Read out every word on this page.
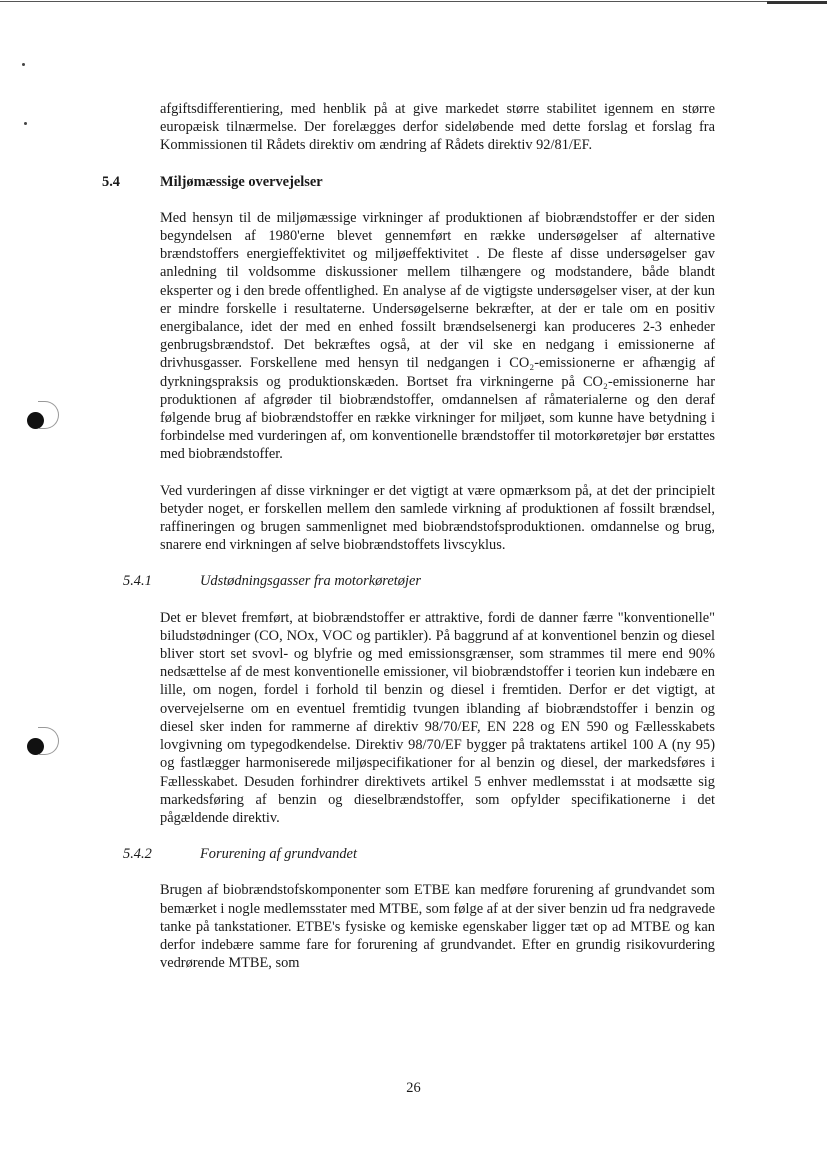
afgiftsdifferentiering, med henblik på at give markedet større stabilitet igennem en større europæisk tilnærmelse. Der forelægges derfor sideløbende med dette forslag et forslag fra Kommissionen til Rådets direktiv om ændring af Rådets direktiv 92/81/EF.

5.4	Miljømæssige overvejelser

Med hensyn til de miljømæssige virkninger af produktionen af biobrændstoffer er der siden begyndelsen af 1980'erne blevet gennemført en række undersøgelser af alternative brændstoffers energieffektivitet og miljøeffektivitet . De fleste af disse undersøgelser gav anledning til voldsomme diskussioner mellem tilhængere og modstandere, både blandt eksperter og i den brede offentlighed. En analyse af de vigtigste undersøgelser viser, at der kun er mindre forskelle i resultaterne. Undersøgelserne bekræfter, at der er tale om en positiv energibalance, idet der med en enhed fossilt brændselsenergi kan produceres 2-3 enheder genbrugsbrændstof. Det bekræftes også, at der vil ske en nedgang i emissionerne af drivhusgasser. Forskellene med hensyn til nedgangen i CO₂-emissionerne er afhængig af dyrkningspraksis og produktionskæden. Bortset fra virkningerne på CO₂-emissionerne har produktionen af afgrøder til biobrændstoffer, omdannelsen af råmaterialerne og den deraf følgende brug af biobrændstoffer en række virkninger for miljøet, som kunne have betydning i forbindelse med vurderingen af, om konventionelle brændstoffer til motorkøretøjer bør erstattes med biobrændstoffer.

Ved vurderingen af disse virkninger er det vigtigt at være opmærksom på, at det der principielt betyder noget, er forskellen mellem den samlede virkning af produktionen af fossilt brændsel, raffineringen og brugen sammenlignet med biobrændstofsproduktionen. omdannelse og brug, snarere end virkningen af selve biobrændstoffets livscyklus.

5.4.1	Udstødningsgasser fra motorkøretøjer

Det er blevet fremført, at biobrændstoffer er attraktive, fordi de danner færre "konventionelle" biludstødninger (CO, NOx, VOC og partikler). På baggrund af at konventionel benzin og diesel bliver stort set svovl- og blyfrie og med emissionsgrænser, som strammes til mere end 90% nedsættelse af de mest konventionelle emissioner, vil biobrændstoffer i teorien kun indebære en lille, om nogen, fordel i forhold til benzin og diesel i fremtiden. Derfor er det vigtigt, at overvejelserne om en eventuel fremtidig tvungen iblanding af biobrændstoffer i benzin og diesel sker inden for rammerne af direktiv 98/70/EF, EN 228 og EN 590 og Fællesskabets lovgivning om typegodkendelse. Direktiv 98/70/EF bygger på traktatens artikel 100 A (ny 95) og fastlægger harmoniserede miljøspecifikationer for al benzin og diesel, der markedsføres i Fællesskabet. Desuden forhindrer direktivets artikel 5 enhver medlemsstat i at modsætte sig markedsføring af benzin og dieselbrændstoffer, som opfylder specifikationerne i det pågældende direktiv.

5.4.2	Forurening af grundvandet

Brugen af biobrændstofskomponenter som ETBE kan medføre forurening af grundvandet som bemærket i nogle medlemsstater med MTBE, som følge af at der siver benzin ud fra nedgravede tanke på tankstationer. ETBE's fysiske og kemiske egenskaber ligger tæt op ad MTBE og kan derfor indebære samme fare for forurening af grundvandet. Efter en grundig risikovurdering vedrørende MTBE, som

26
